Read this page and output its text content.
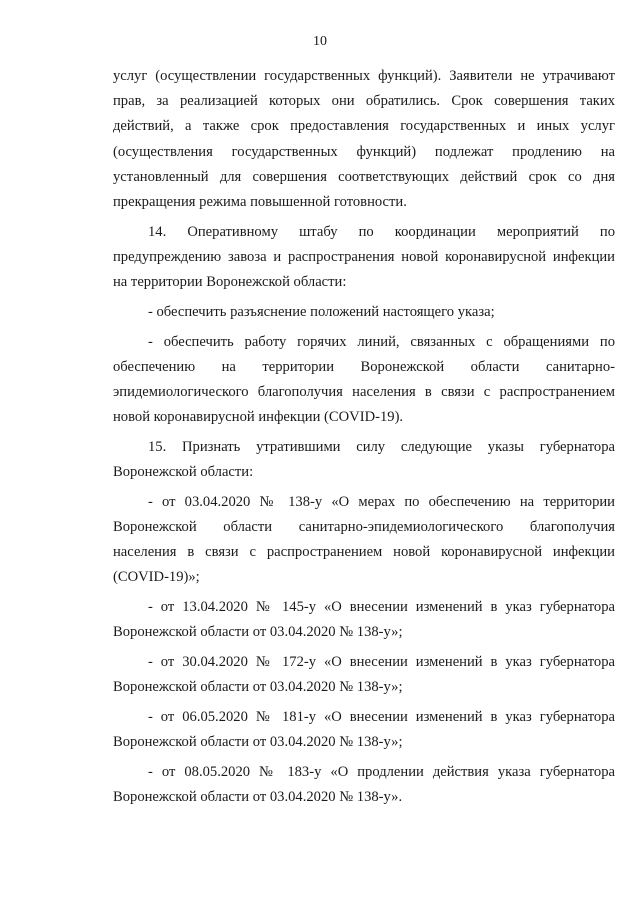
10
услуг (осуществлении государственных функций). Заявители не утрачивают
прав, за реализацией которых они обратились. Срок совершения таких
действий, а также срок предоставления государственных и иных услуг
(осуществления государственных функций) подлежат продлению на
установленный для совершения соответствующих действий срок со дня
прекращения режима повышенной готовности.
14. Оперативному штабу по координации мероприятий по
предупреждению завоза и распространения новой коронавирусной инфекции
на территории Воронежской области:
- обеспечить разъяснение положений настоящего указа;
- обеспечить работу горячих линий, связанных с обращениями по
обеспечению на территории Воронежской области санитарно-
эпидемиологического благополучия населения в связи с распространением
новой коронавирусной инфекции (COVID-19).
15. Признать утратившими силу следующие указы губернатора
Воронежской области:
- от 03.04.2020 № 138-у «О мерах по обеспечению на территории
Воронежской области санитарно-эпидемиологического благополучия
населения в связи с распространением новой коронавирусной инфекции
(COVID-19)»;
- от 13.04.2020 № 145-у «О внесении изменений в указ губернатора
Воронежской области от 03.04.2020 № 138-у»;
- от 30.04.2020 № 172-у «О внесении изменений в указ губернатора
Воронежской области от 03.04.2020 № 138-у»;
- от 06.05.2020 № 181-у «О внесении изменений в указ губернатора
Воронежской области от 03.04.2020 № 138-у»;
- от 08.05.2020 № 183-у «О продлении действия указа губернатора
Воронежской области от 03.04.2020 № 138-у».
